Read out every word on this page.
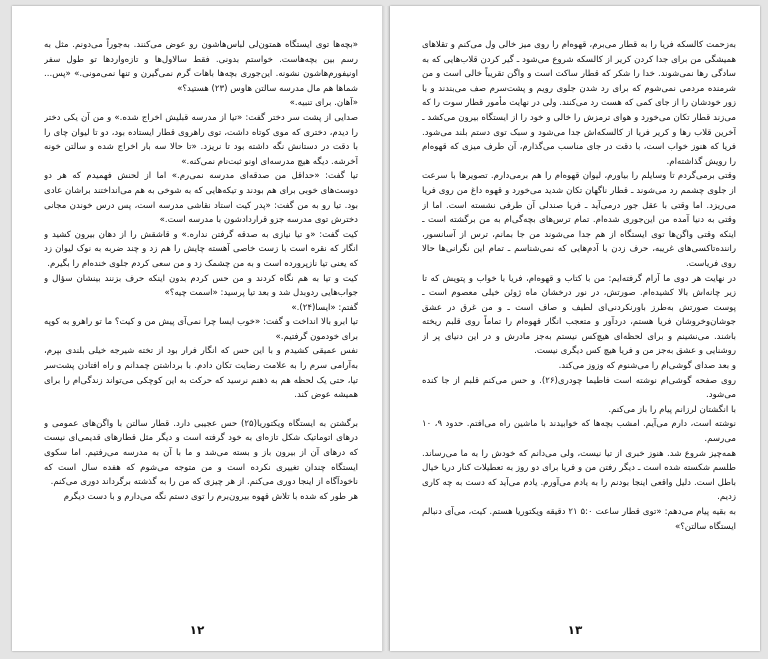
«بچه‌ها توی ایستگاه همتون‌لی لباس‌هاشون رو عوض می‌کنند. به‌جوراً می‌دونم. مثل به رسم بین بچه‌هاست. خواستم بدونی. فقط سالاول‌ها و تازه‌واردها تو طول سفر اونیفورم‌هاشون نشونه. این‌جوری بچه‌ها باهات گرم نمی‌گیرن و تنها نمی‌مونی.» «پس... شماها هم مال مدرسه سالتن هاوس (۲۳) هستید؟»

«آهان. برای تنبیه.»

صدایی از پشت سر دختر گفت: «تیا از مدرسه قبلیش اخراج شده.» و من آن یکی دختر را دیدم، دختری که موی کوتاه داشت، توی راهروی قطار ایستاده بود، دو تا لیوان چای را با دقت در دستانش نگه داشته بود تا نریزد. «تا حالا سه بار اخراج شده و سالتن خونه آخرشه. دیگه هیچ مدرسه‌ای اونو ثبت‌نام نمی‌کنه.»

تیا گفت: «حداقل من صدقه‌ای مدرسه نمی‌رم.» اما از لحنش فهمیدم که هر دو دوست‌های خوبی برای هم بودند و تیکه‌هایی که به شوخی به هم می‌انداختند براشان عادی بود. تیا رو به من گفت: «پدر کیت استاد نقاشی مدرسه است، پس درس خوندن مجانی دخترش توی مدرسه جزو قراردادشون با مدرسه است.»

کیت گفت: «و تیا نیازی به صدقه گرفتن نداره.» و قاشقش را از دهان بیرون کشید و انگار که نقره است با زست خاصی آهسته چایش را هم زد و چند ضربه به نوک لیوان زد که یعنی تیا نازپرورده است و به من چشمک زد و من سعی کردم جلوی خنده‌ام را بگیرم.

کیت و تیا به هم نگاه کردند و من حس کردم بدون اینکه حرف بزنند بینشان سؤال و جواب‌هایی ردوبدل شد و بعد تیا پرسید: «اسمت چیه؟»

گفتم: «ایسا(۲۴).»

تیا ابرو بالا انداخت و گفت: «خوب ایسا چرا نمی‌آی پیش من و کیت؟ ما تو راهرو به کوپه برای خودمون گرفتیم.»

نفس عمیقی کشیدم و با این حس که انگار فرار بود از تخته شیرجه خیلی بلندی بپرم، به‌آرامی سرم را به علامت رضایت تکان دادم. با برداشتن چمدانم و راه افتادن پشت‌سر تیا، حتی یک لحظه هم به ذهنم نرسید که حرکت به این کوچکی می‌تواند زندگی‌ام را برای همیشه عوض کند.

برگشتن به ایستگاه ویکتوریا(۲۵) حس عجیبی دارد. قطار سالتن با واگن‌های عمومی و درهای اتوماتیک شکل تازه‌ای به خود گرفته است و دیگر مثل قطارهای قدیمی‌ای نیست که درهای آن از بیرون باز و بسته می‌شد و ما با آن به مدرسه می‌رفتیم. اما سکوی ایستگاه چندان تغییری نکرده است و من متوجه می‌شوم که هفده سال است که ناخودآگاه از اینجا دوری می‌کنم. از هر چیزی که من را به گذشته برگرداند دوری می‌کنم.

هر طور که شده با تلاش قهوه بیرون‌برم را توی دستم نگه می‌دارم و با دست دیگرم

۱۲

به‌زحمت کالسکه فریا را به قطار می‌برم، قهوه‌ام را روی میز خالی ول می‌کنم و تقلاهای همیشگی من برای جدا کردن کریر از کالسکه شروع می‌شود ـ گیر کردن قلاب‌هایی که به سادگی رها نمی‌شوند. خدا را شکر که قطار ساکت است و واگن تقریباً خالی است و من شرمنده مردمی نمی‌شوم که برای رد شدن جلوی رویم و پشت‌سرم صف می‌بندند و با زور خودشان را از جای کمی که هست رد می‌کنند. ولی در نهایت مأمور قطار سوت را که می‌زند قطار تکان می‌خورد و هوای ترمزش را خالی و خود را از ایستگاه بیرون می‌کشد ـ آخرین قلاب رها و کریر فریا از کالسکه‌اش جدا می‌شود و سبک توی دستم بلند می‌شود. فریا که هنوز خواب است، با دقت در جای مناسب می‌گذارم، آن طرف میزی که قهوه‌ام را رویش گذاشته‌ام.

وقتی برمی‌گردم تا وسایلم را بیاورم، لیوان قهوه‌ام را هم برمی‌دارم. تصویرها با سرعت از جلوی چشمم رد می‌شوند ـ قطار ناگهان تکان شدید می‌خورد و قهوه داغ من روی فریا می‌ریزد. اما وقتی با عقل جور درمی‌آید ـ فریا صندلی آن طرفی نشسته است. اما از وقتی به دنیا آمده من این‌جوری شده‌ام. تمام ترس‌های بچه‌گی‌ام به من برگشته است ـ اینکه وقتی واگن‌ها توی ایستگاه از هم جدا می‌شوند من جا بمانم، ترس از آسانسور، راننده‌تاکسی‌های غریبه، حرف زدن با آدم‌هایی که نمی‌شناسم ـ تمام این نگرانی‌ها حالا روی فریاست.

در نهایت هر دوی ما آرام گرفته‌ایم: من با کتاب و قهوه‌ام، فریا با خواب و پتویش که تا زیر چانه‌اش بالا کشیده‌ام. صورتش، در نور درخشان ماه ژوئن خیلی معصوم است ـ پوست صورتش به‌طرز باورنکردنی‌ای لطیف و صاف است ـ و من غرق در عشق جوشان‌وخروشان فریا هستم، دردآور و متعجب انگار قهوه‌ام را تماماً روی قلبم ریخته باشند. می‌نشینم و برای لحظه‌ای هیچ‌کس نیستم به‌جز مادرش و در این دنیای پر از روشنایی و عشق به‌جز من و فریا هیچ کس دیگری نیست.

و بعد صدای گوشی‌ام را می‌شنوم که وزوز می‌کند.

روی صفحه گوشی‌ام نوشته است فاطیما چودری(۲۶). و حس می‌کنم قلبم از جا کنده می‌شود.

با انگشتان لرزانم پیام را باز می‌کنم.

نوشته است، دارم می‌آیم. امشب بچه‌ها که خوابیدند با ماشین راه می‌افتم. حدود ۹، ۱۰ می‌رسم.

همه‌چیز شروع شد. هنوز خبری از تیا نیست، ولی می‌دانم که خودش را به ما می‌رساند. طلسم شکسته شده است ـ دیگر رفتن من و فریا برای دو روز به تعطیلات کنار دریا خیال باطل است. دلیل واقعی اینجا بودنم را به یادم می‌آورم. یادم می‌آید که دست به چه کاری زدیم.

به بقیه پیام می‌دهم: «توی قطار ساعت ۵:۰ ۲۱ دقیقه ویکتوریا هستم. کیت، می‌آی دنبالم ایستگاه سالتن؟»

۱۳
